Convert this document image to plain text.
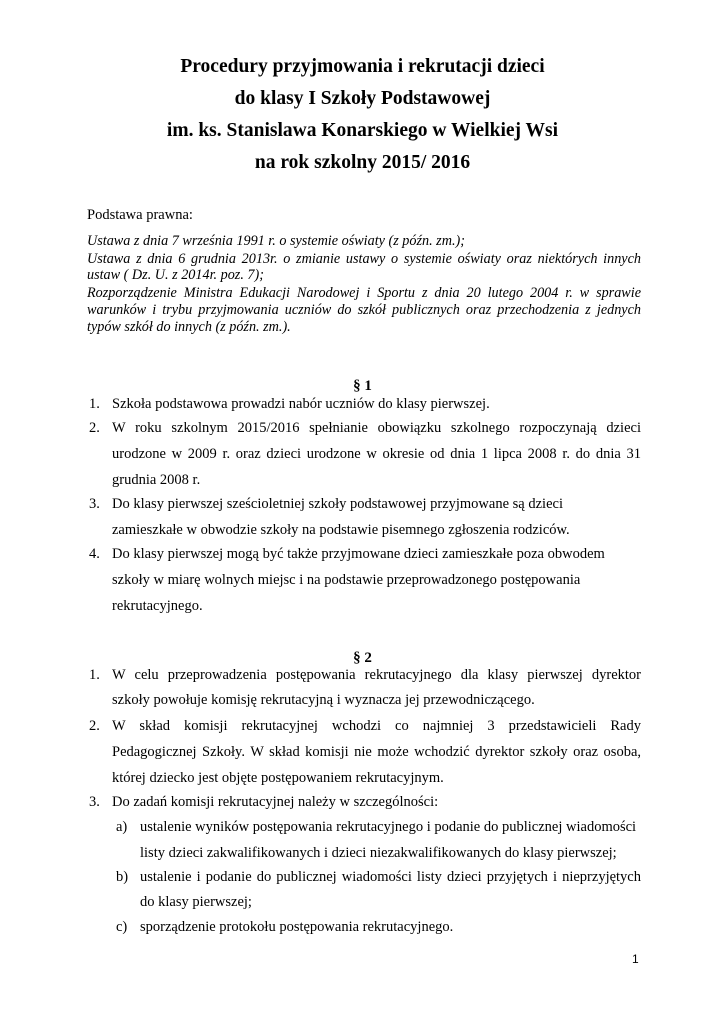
Procedury przyjmowania i rekrutacji dzieci
do klasy I Szkoły Podstawowej
im. ks. Stanislawa Konarskiego w Wielkiej Wsi
na rok szkolny 2015/ 2016
Podstawa prawna:
Ustawa z dnia 7 września 1991 r. o systemie oświaty (z późn. zm.);
Ustawa z dnia 6 grudnia 2013r. o zmianie ustawy o systemie oświaty oraz niektórych innych
ustaw ( Dz. U. z 2014r. poz. 7);
Rozporządzenie Ministra Edukacji Narodowej i Sportu z dnia 20 lutego 2004 r. w sprawie
warunków i trybu przyjmowania uczniów do szkół publicznych oraz przechodzenia z jednych
typów szkół do innych (z późn. zm.).
§ 1
1. Szkoła podstawowa prowadzi nabór uczniów do klasy pierwszej.
2. W roku szkolnym 2015/2016 spełnianie obowiązku szkolnego rozpoczynają dzieci
urodzone w 2009 r. oraz dzieci urodzone w okresie od dnia 1 lipca 2008 r. do dnia 31
grudnia 2008 r.
3. Do klasy pierwszej sześcioletniej szkoły podstawowej przyjmowane są dzieci
zamieszkałe w obwodzie szkoły na podstawie pisemnego zgłoszenia rodziców.
4. Do klasy pierwszej mogą być także przyjmowane dzieci zamieszkałe poza obwodem
szkoły w miarę wolnych miejsc i na podstawie przeprowadzonego postępowania
rekrutacyjnego.
§ 2
1. W celu przeprowadzenia postępowania rekrutacyjnego dla klasy pierwszej dyrektor
szkoły powołuje komisję rekrutacyjną i wyznacza jej przewodniczącego.
2. W skład komisji rekrutacyjnej wchodzi co najmniej 3 przedstawicieli Rady
Pedagogicznej Szkoły. W skład komisji nie może wchodzić dyrektor szkoły oraz osoba,
której dziecko jest objęte postępowaniem rekrutacyjnym.
3. Do zadań komisji rekrutacyjnej należy w szczególności:
a) ustalenie wyników postępowania rekrutacyjnego i podanie do publicznej wiadomości
listy dzieci zakwalifikowanych i dzieci niezakwalifikowanych do klasy pierwszej;
b) ustalenie i podanie do publicznej wiadomości listy dzieci przyjętych i nieprzyjętych
do klasy pierwszej;
c) sporządzenie protokołu postępowania rekrutacyjnego.
1
